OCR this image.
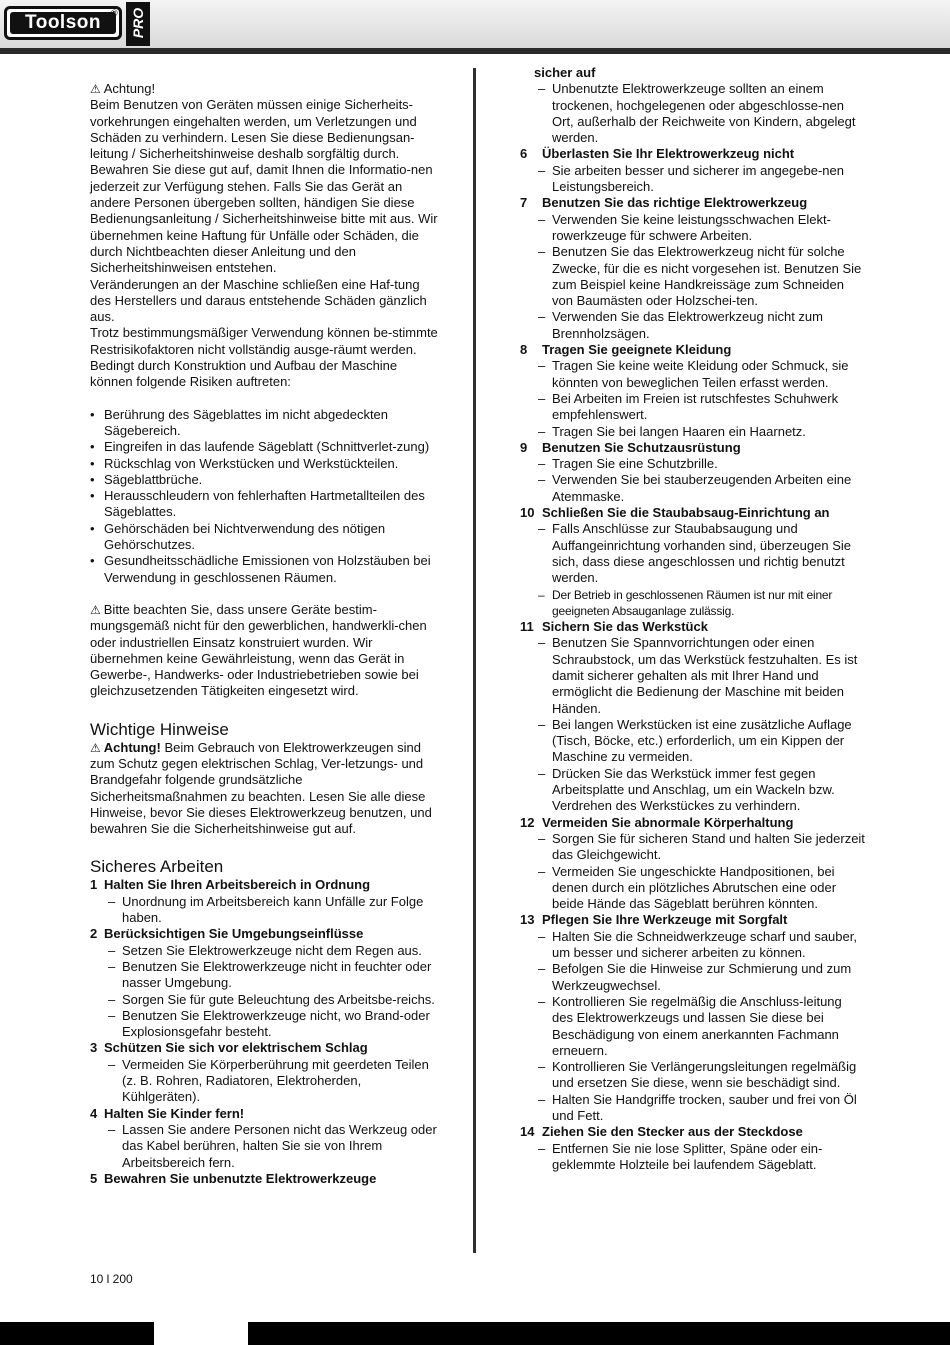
Toolson	® PRO

⚠ Achtung!

Beim Benutzen von Geräten müssen einige Sicherheits-vorkehrungen eingehalten werden, um Verletzungen und Schäden zu verhindern. Lesen Sie diese Bedienungsan-leitung / Sicherheitshinweise deshalb sorgfältig durch. Bewahren Sie diese gut auf, damit Ihnen die Informatio-nen jederzeit zur Verfügung stehen. Falls Sie das Gerät an andere Personen übergeben sollten, händigen Sie diese Bedienungsanleitung / Sicherheitshinweise bitte mit aus. Wir übernehmen keine Haftung für Unfälle oder Schäden, die durch Nichtbeachten dieser Anleitung und den Sicherheitshinweisen entstehen.

Veränderungen an der Maschine schließen eine Haf-tung des Herstellers und daraus entstehende Schäden gänzlich aus.

Trotz bestimmungsmäßiger Verwendung können be-stimmte Restrisikofaktoren nicht vollständig ausge-räumt werden. Bedingt durch Konstruktion und Aufbau der Maschine können folgende Risiken auftreten:

• Berührung des Sägeblattes im nicht abgedeckten Sägebereich.
• Eingreifen in das laufende Sägeblatt (Schnittverlet-zung)
• Rückschlag von Werkstücken und Werkstückteilen.
• Sägeblattbrüche.
• Herausschleudern von fehlerhaften Hartmetallteilen des Sägeblattes.
• Gehörschäden bei Nichtverwendung des nötigen Gehörschutzes.
• Gesundheitsschädliche Emissionen von Holzstäuben bei Verwendung in geschlossenen Räumen.

⚠ Bitte beachten Sie, dass unsere Geräte bestim-mungsgemäß nicht für den gewerblichen, handwerkli-chen oder industriellen Einsatz konstruiert wurden. Wir übernehmen keine Gewährleistung, wenn das Gerät in Gewerbe-, Handwerks- oder Industriebetrieben sowie bei gleichzusetzenden Tätigkeiten eingesetzt wird.

Wichtige Hinweise

⚠ Achtung! Beim Gebrauch von Elektrowerkzeugen sind zum Schutz gegen elektrischen Schlag, Ver-letzungs- und Brandgefahr folgende grundsätzliche Sicherheitsmaßnahmen zu beachten. Lesen Sie alle diese Hinweise, bevor Sie dieses Elektrowerkzeug benutzen, und bewahren Sie die Sicherheitshinweise gut auf.

Sicheres Arbeiten

1 Halten Sie Ihren Arbeitsbereich in Ordnung
– Unordnung im Arbeitsbereich kann Unfälle zur Folge haben.
2 Berücksichtigen Sie Umgebungseinflüsse
– Setzen Sie Elektrowerkzeuge nicht dem Regen aus.
– Benutzen Sie Elektrowerkzeuge nicht in feuchter oder nasser Umgebung.
– Sorgen Sie für gute Beleuchtung des Arbeitsbe-reichs.
– Benutzen Sie Elektrowerkzeuge nicht, wo Brand-oder Explosionsgefahr besteht.
3 Schützen Sie sich vor elektrischem Schlag
– Vermeiden Sie Körperberührung mit geerdeten Teilen (z. B. Rohren, Radiatoren, Elektroherden, Kühlgeräten).
4 Halten Sie Kinder fern!
– Lassen Sie andere Personen nicht das Werkzeug oder das Kabel berühren, halten Sie sie von Ihrem Arbeitsbereich fern.
5 Bewahren Sie unbenutzte Elektrowerkzeuge
sicher auf
– Unbenutzte Elektrowerkzeuge sollten an einem trockenen, hochgelegenen oder abgeschlosse-nen Ort, außerhalb der Reichweite von Kindern, abgelegt werden.
6 Überlasten Sie Ihr Elektrowerkzeug nicht
– Sie arbeiten besser und sicherer im angegebe-nen Leistungsbereich.
7 Benutzen Sie das richtige Elektrowerkzeug
– Verwenden Sie keine leistungsschwachen Elekt-rowerkzeuge für schwere Arbeiten.
– Benutzen Sie das Elektrowerkzeug nicht für solche Zwecke, für die es nicht vorgesehen ist. Benutzen Sie zum Beispiel keine Handkreissäge zum Schneiden von Baumästen oder Holzschei-ten.
– Verwenden Sie das Elektrowerkzeug nicht zum Brennholzsägen.
8 Tragen Sie geeignete Kleidung
– Tragen Sie keine weite Kleidung oder Schmuck, sie könnten von beweglichen Teilen erfasst werden.
– Bei Arbeiten im Freien ist rutschfestes Schuhwerk empfehlenswert.
– Tragen Sie bei langen Haaren ein Haarnetz.
9 Benutzen Sie Schutzausrüstung
– Tragen Sie eine Schutzbrille.
– Verwenden Sie bei stauberzeugenden Arbeiten eine Atemmaske.
10 Schließen Sie die Staubabsaug-Einrichtung an
– Falls Anschlüsse zur Staubabsaugung und Auffangeinrichtung vorhanden sind, überzeugen Sie sich, dass diese angeschlossen und richtig benutzt werden.
– Der Betrieb in geschlossenen Räumen ist nur mit einer geeigneten Absauganlage zulässig.
11 Sichern Sie das Werkstück
– Benutzen Sie Spannvorrichtungen oder einen Schraubstock, um das Werkstück festzuhalten. Es ist damit sicherer gehalten als mit Ihrer Hand und ermöglicht die Bedienung der Maschine mit beiden Händen.
– Bei langen Werkstücken ist eine zusätzliche Auflage (Tisch, Böcke, etc.) erforderlich, um ein Kippen der Maschine zu vermeiden.
– Drücken Sie das Werkstück immer fest gegen Arbeitsplatte und Anschlag, um ein Wackeln bzw. Verdrehen des Werkstückes zu verhindern.
12 Vermeiden Sie abnormale Körperhaltung
– Sorgen Sie für sicheren Stand und halten Sie jederzeit das Gleichgewicht.
– Vermeiden Sie ungeschickte Handpositionen, bei denen durch ein plötzliches Abrutschen eine oder beide Hände das Sägeblatt berühren könnten.
13 Pflegen Sie Ihre Werkzeuge mit Sorgfalt
– Halten Sie die Schneidwerkzeuge scharf und sauber, um besser und sicherer arbeiten zu können.
– Befolgen Sie die Hinweise zur Schmierung und zum Werkzeugwechsel.
– Kontrollieren Sie regelmäßig die Anschluss-leitung des Elektrowerkzeugs und lassen Sie diese bei Beschädigung von einem anerkannten Fachmann erneuern.
– Kontrollieren Sie Verlängerungsleitungen regelmäßig und ersetzen Sie diese, wenn sie beschädigt sind.
– Halten Sie Handgriffe trocken, sauber und frei von Öl und Fett.
14 Ziehen Sie den Stecker aus der Steckdose
– Entfernen Sie nie lose Splitter, Späne oder ein-geklemmte Holzteile bei laufendem Sägeblatt.
10 l 200
